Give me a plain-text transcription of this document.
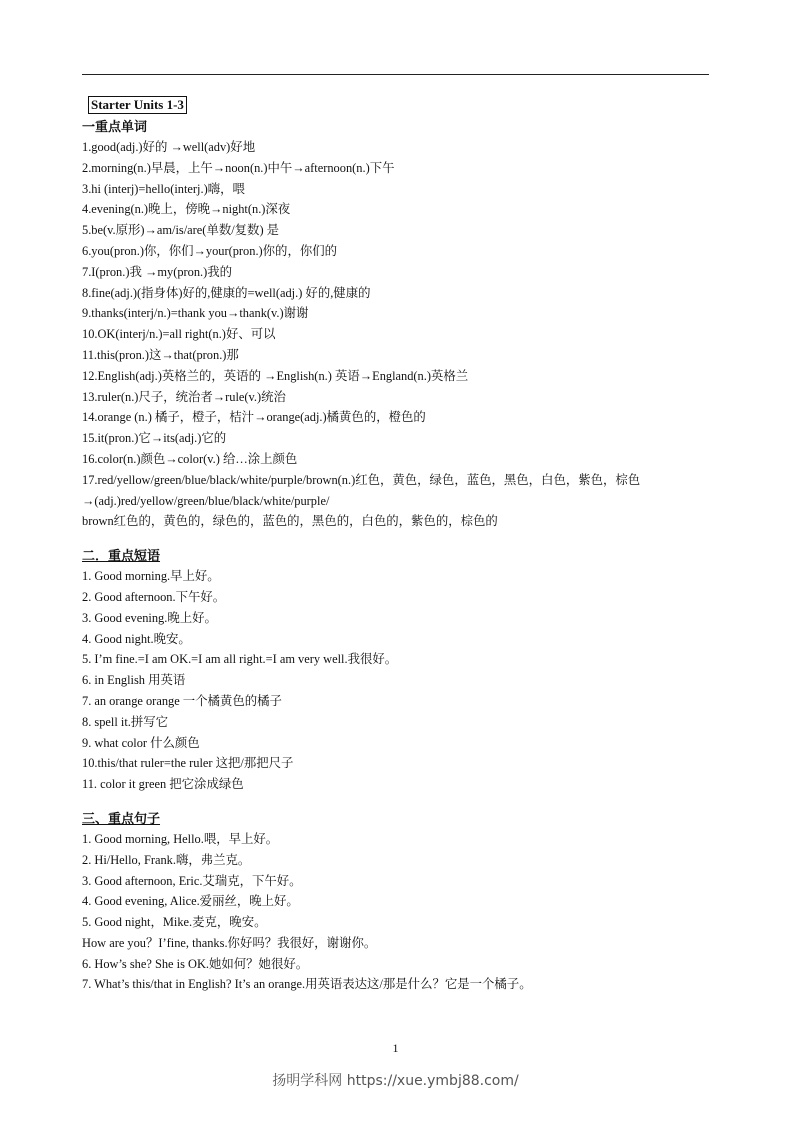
Starter Units 1-3
一重点单词
1.good(adj.)好的 →well(adv)好地
2.morning(n.)早晨，上午→noon(n.)中午→afternoon(n.)下午
3.hi (interj)=hello(interj.)嗨，喂
4.evening(n.)晚上，傍晚→night(n.)深夜
5.be(v.原形)→am/is/are(单数/复数) 是
6.you(pron.)你，你们→your(pron.)你的，你们的
7.I(pron.)我 →my(pron.)我的
8.fine(adj.)(指身体)好的,健康的=well(adj.) 好的,健康的
9.thanks(interj/n.)=thank you→thank(v.)谢谢
10.OK(interj/n.)=all right(n.)好、可以
11.this(pron.)这→that(pron.)那
12.English(adj.)英格兰的，英语的 →English(n.) 英语→England(n.)英格兰
13.ruler(n.)尺子，统治者→rule(v.)统治
14.orange (n.) 橘子，橙子，桔汁→orange(adj.)橘黄色的，橙色的
15.it(pron.)它→its(adj.)它的
16.color(n.)颜色→color(v.) 给…涂上颜色
17.red/yellow/green/blue/black/white/purple/brown(n.)红色，黄色，绿色，蓝色，黑色，白色，紫色，棕色→(adj.)red/yellow/green/blue/black/white/purple/
brown红色的，黄色的，绿色的，蓝色的，黑色的，白色的，紫色的，棕色的
二．重点短语
1. Good morning.早上好。
2. Good afternoon.下午好。
3. Good evening.晚上好。
4. Good night.晚安。
5. I’m fine.=I am OK.=I am all right.=I am very well.我很好。
6. in English 用英语
7. an orange orange 一个橘黄色的橘子
8. spell it.拼写它
9. what color 什么颜色
10.this/that ruler=the ruler 这把/那把尺子
11. color it green 把它涂成绿色
三、重点句子
1. Good morning, Hello.喂，早上好。
2. Hi/Hello, Frank.嗨，弗兰克。
3. Good afternoon, Eric.艾瑞克，下午好。
4. Good evening, Alice.爱丽丝，晚上好。
5. Good night，Mike.麦克，晚安。
How are you？I’fine, thanks.你好吗？我很好，谢谢你。
6. How’s she? She is OK.她如何？她很好。
7. What’s this/that in English? It’s an orange.用英语表达这/那是什么？它是一个橘子。
1
扬明学科网 https://xue.ymbj88.com/
